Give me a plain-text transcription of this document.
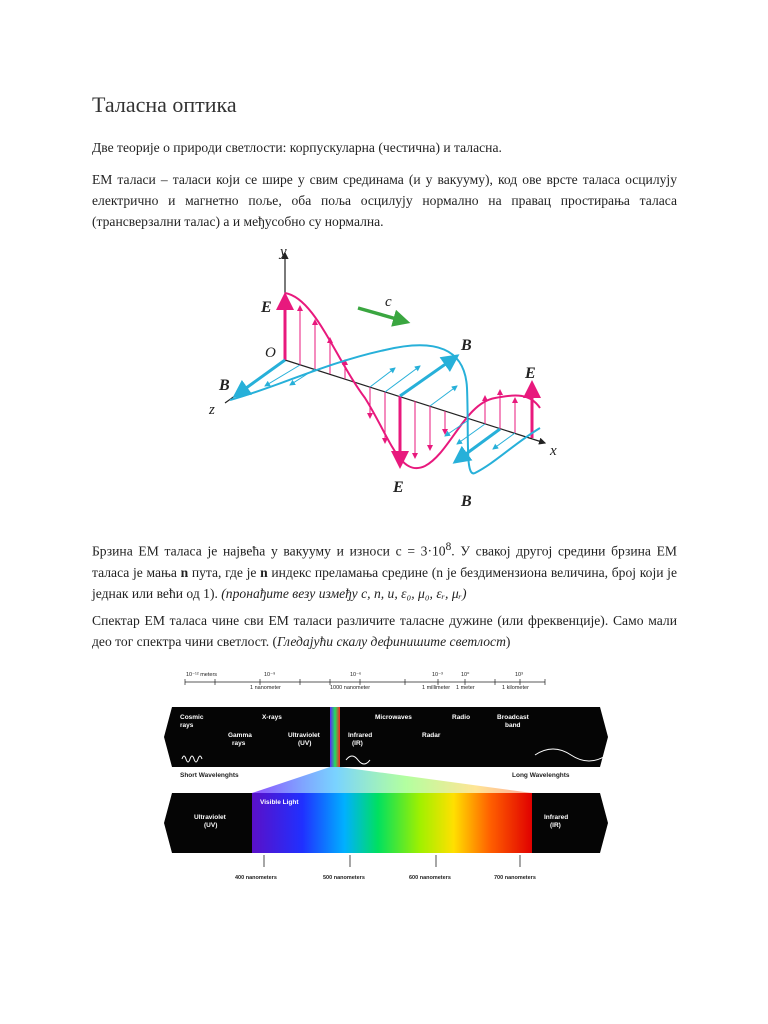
Таласна оптика

Две теорије о природи светлости: корпускуларна (честична) и таласна.

ЕМ таласи – таласи који се шире у свим срединама (и у вакууму), код ове врсте таласа осцилују електрично и магнетно поље, оба поља осцилују нормално на правац простирања таласа (трансверзални талас) а и међусобно су нормална.

y
z
x
O
c
E
E
E
B
B
B

Брзина ЕМ таласа је највећа у вакууму и износи $c = 3\cdot 10^8$. У свакој другој средини брзина ЕМ таласа је мања n пута, где је n индекс преламања средине (n је бездимензиона величина, број који је једнак или већи од 1). (пронађите везу између c, n, и, ε₀, μ₀, εᵣ, μᵣ)

Спектар ЕМ таласа чине сви ЕМ таласи различите таласне дужине (или фреквенције). Само мали део тог спектра чини светлост. (Гледајући скалу дефинишите светлост)

10⁻¹² meters	10⁻⁹
1 nanometer
10⁻⁶
1000 nanometer
10⁻³
1 millimeter
10⁰
1 meter
10³
1 kilometer
Cosmic
rays
X-rays
Gamma
rays
Ultraviolet
(UV)
Infrared
(IR)
Microwaves
Radar
Radio	Broadcast
band
Short Wavelenghts	Long Wavelenghts
Visible Light
Ultraviolet
(UV)
Infrared
(IR)
400 nanometers	500 nanometers	600 nanometers	700 nanometers
